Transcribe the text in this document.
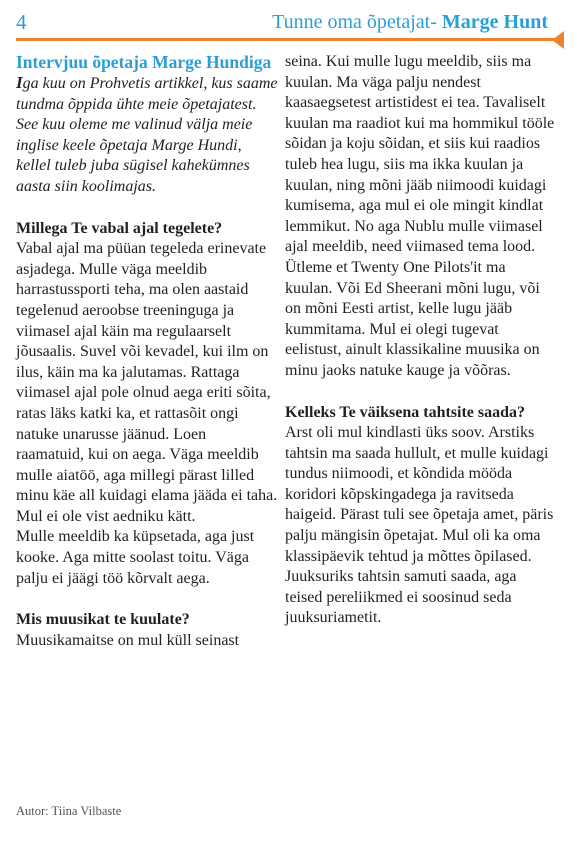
4	Tunne oma õpetajat- Marge Hunt

Intervjuu õpetaja Marge Hundiga

Iga kuu on Prohvetis artikkel, kus saame tundma õppida ühte meie õpetajatest. See kuu oleme me valinud välja meie inglise keele õpetaja Marge Hundi, kellel tuleb juba sügisel kahekümnes aasta siin koolimajas.

Millega Te vabal ajal tegelete?

Vabal ajal ma püüan tegeleda erinevate asjadega. Mulle väga meeldib harrastussporti teha, ma olen aastaid tegelenud aeroobse treeninguga ja viimasel ajal käin ma regulaarselt jõusaalis. Suvel või kevadel, kui ilm on ilus, käin ma ka jalutamas. Rattaga viimasel ajal pole olnud aega eriti sõita, ratas läks katki ka, et rattasõit ongi natuke unarusse jäänud. Loen raamatuid, kui on aega. Väga meeldib mulle aiatöö, aga millegi pärast lilled minu käe all kuidagi elama jääda ei taha. Mul ei ole vist aedniku kätt.

Mulle meeldib ka küpsetada, aga just kooke. Aga mitte soolast toitu. Väga palju ei jäägi töö kõrvalt aega.

Mis muusikat te kuulate?

Muusikamaitse on mul küll seinast

seina. Kui mulle lugu meeldib, siis ma kuulan. Ma väga palju nendest kaasaegsetest artistidest ei tea. Tavaliselt kuulan ma raadiot kui ma hommikul tööle sõidan ja koju sõidan, et siis kui raadios tuleb hea lugu, siis ma ikka kuulan ja kuulan, ning mõni jääb niimoodi kuidagi kumisema, aga mul ei ole mingit kindlat lemmikut. No aga Nublu mulle viimasel ajal meeldib, need viimased tema lood. Ütleme et Twenty One Pilots'it ma kuulan. Või Ed Sheerani mõni lugu, või on mõni Eesti artist, kelle lugu jääb kummitama. Mul ei olegi tugevat eelistust, ainult klassikaline muusika on minu jaoks natuke kauge ja võõras.

Kelleks Te väiksena tahtsite saada?

Arst oli mul kindlasti üks soov. Arstiks tahtsin ma saada hullult, et mulle kuidagi tundus niimoodi, et kõndida mööda koridori kõpskingadega ja ravitseda haigeid. Pärast tuli see õpetaja amet, päris palju mängisin õpetajat. Mul oli ka oma klassipäevik tehtud ja mõttes õpilased. Juuksuriks tahtsin samuti saada, aga teised pereliikmed ei soosinud seda juuksuriametit.

Autor: Tiina Vilbaste
